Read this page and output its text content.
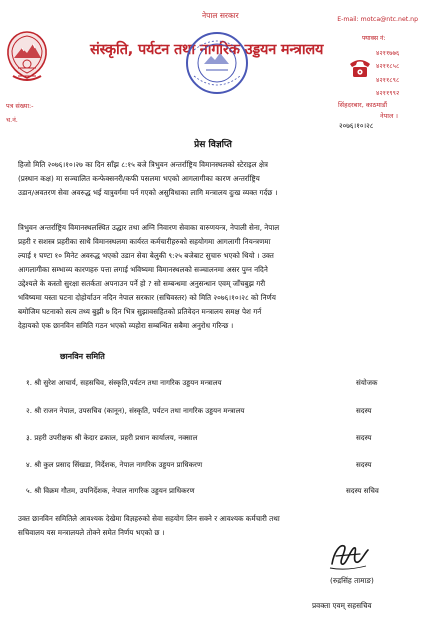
नेपाल सरकार
संस्कृति, पर्यटन तथा नागरिक उड्डयन मन्त्रालय
E-mail: motca@ntc.net.np
फ्याक्स नं:
४२११७७६
४२११८५८
४२११८९८
४२११९९२
पत्र संख्या:-
च.नं.
सिंहदरबार, काठमाडौं
नेपाल ।
२०७६।१०।२८
प्रेस विज्ञप्ति
हिजो मिति २०७६।१०।२७ का दिन साँझ ८:१५ बजे त्रिभुवन अन्तर्राष्ट्रिय विमानस्थलको स्टेराइल क्षेत्र
(प्रस्थान कक्ष) मा सञ्चालित कन्फेक्सनरी/कफी पसलमा भएको आगलागीका कारण अन्तर्राष्ट्रिय
उडान/अवतरण सेवा अवरुद्ध भई यात्रुवर्गमा पर्न गएको असुविधाका लागि मन्त्रालय दुःख व्यक्त गर्दछ ।
त्रिभुवन अन्तर्राष्ट्रिय विमानस्थलस्थित उद्धार तथा अग्नि निवारण सेवाका वारुणयन्त्र, नेपाली सेना, नेपाल
प्रहरी र सशस्त्र प्रहरीका साथै विमानस्थलमा कार्यरत कर्मचारीहरुको सहयोगमा आगलागी नियन्त्रणमा
ल्याई १ घण्टा १० मिनेट अवरुद्ध भएको उडान सेवा बेलुकी ९:२५ बजेबाट सुचारु भएको थियो । उक्त
आगलागीका सम्भाव्य कारणहरु पत्ता लगाई भविष्यमा विमानस्थलको सञ्चालनमा असर पुग्न नदिने
उद्देश्यले के कस्तो सुरक्षा सतर्कता अपनाउन पर्ने हो ? सो सम्बन्धमा अनुसन्धान एवम् जाँचबुझ गरी
भविष्यमा यस्ता घटना दोहोर्याउन नदिन नेपाल सरकार (सचिवस्तर) को मिति २०७६।१०।२८ को निर्णय
बमोजिम घटनाको सत्य तथ्य बुझी ७ दिन भित्र सुझावसहितको प्रतिवेदन मन्त्रालय समक्ष पेश गर्न
देहायको एक छानविन समिति गठन भएको व्यहोरा सम्बन्धित सबैमा अनुरोध गरिन्छ ।
छानविन समिति
१. श्री सुरेश आचार्य, सहसचिव, संस्कृति,पर्यटन तथा नागरिक उड्डयन मन्त्रालय	संयोजक
२. श्री राजन नेपाल, उपसचिव (कानून), संस्कृति, पर्यटन तथा नागरिक उड्डयन मन्त्रालय	सदस्य
३. प्रहरी उपरीक्षक श्री केदार ढकाल, प्रहरी प्रधान कार्यालय, नक्साल	सदस्य
४. श्री कुल प्रसाद सिंखडा, निर्देशक, नेपाल नागरिक उड्डयन प्राधिकरण	सदस्य
५. श्री विक्रम गौतम, उपनिर्देशक, नेपाल नागरिक उड्डयन प्राधिकरण	सदस्य सचिव
उक्त छानविन समितिले आवश्यक देखेमा विज्ञहरुको सेवा सहयोग लिन सक्ने र आवश्यक कर्मचारी तथा
सचिवालय यस मन्त्रालयले तोक्ने समेत निर्णय भएको छ ।
(रुद्रसिंह तामाङ)
प्रवक्ता एवम् सहसचिव
